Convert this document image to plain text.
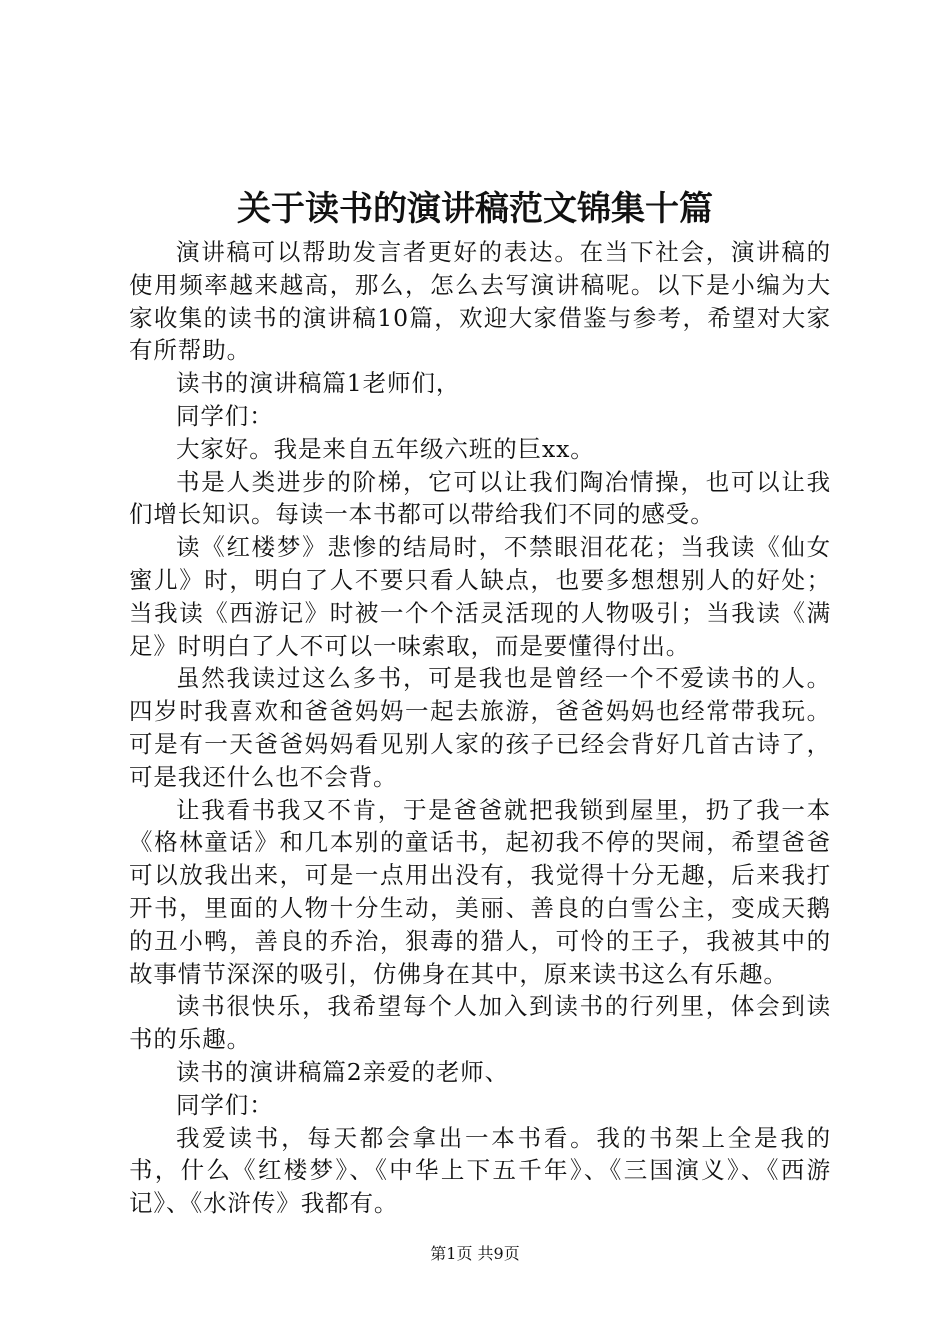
关于读书的演讲稿范文锦集十篇

演讲稿可以帮助发言者更好的表达。在当下社会，演讲稿的使用频率越来越高，那么，怎么去写演讲稿呢。以下是小编为大家收集的读书的演讲稿10篇，欢迎大家借鉴与参考，希望对大家有所帮助。

读书的演讲稿篇1老师们，

同学们：

大家好。我是来自五年级六班的巨xx。

书是人类进步的阶梯，它可以让我们陶冶情操，也可以让我们增长知识。每读一本书都可以带给我们不同的感受。

读《红楼梦》悲惨的结局时，不禁眼泪花花；当我读《仙女蜜儿》时，明白了人不要只看人缺点，也要多想想别人的好处；当我读《西游记》时被一个个活灵活现的人物吸引；当我读《满足》时明白了人不可以一味索取，而是要懂得付出。

虽然我读过这么多书，可是我也是曾经一个不爱读书的人。四岁时我喜欢和爸爸妈妈一起去旅游，爸爸妈妈也经常带我玩。可是有一天爸爸妈妈看见别人家的孩子已经会背好几首古诗了，可是我还什么也不会背。

让我看书我又不肯，于是爸爸就把我锁到屋里，扔了我一本《格林童话》和几本别的童话书，起初我不停的哭闹，希望爸爸可以放我出来，可是一点用出没有，我觉得十分无趣，后来我打开书，里面的人物十分生动，美丽、善良的白雪公主，变成天鹅的丑小鸭，善良的乔治，狠毒的猎人，可怜的王子，我被其中的故事情节深深的吸引，仿佛身在其中，原来读书这么有乐趣。

读书很快乐，我希望每个人加入到读书的行列里，体会到读书的乐趣。

读书的演讲稿篇2亲爱的老师、

同学们：

我爱读书，每天都会拿出一本书看。我的书架上全是我的书，什么《红楼梦》、《中华上下五千年》、《三国演义》、《西游记》、《水浒传》我都有。

第1页 共9页
